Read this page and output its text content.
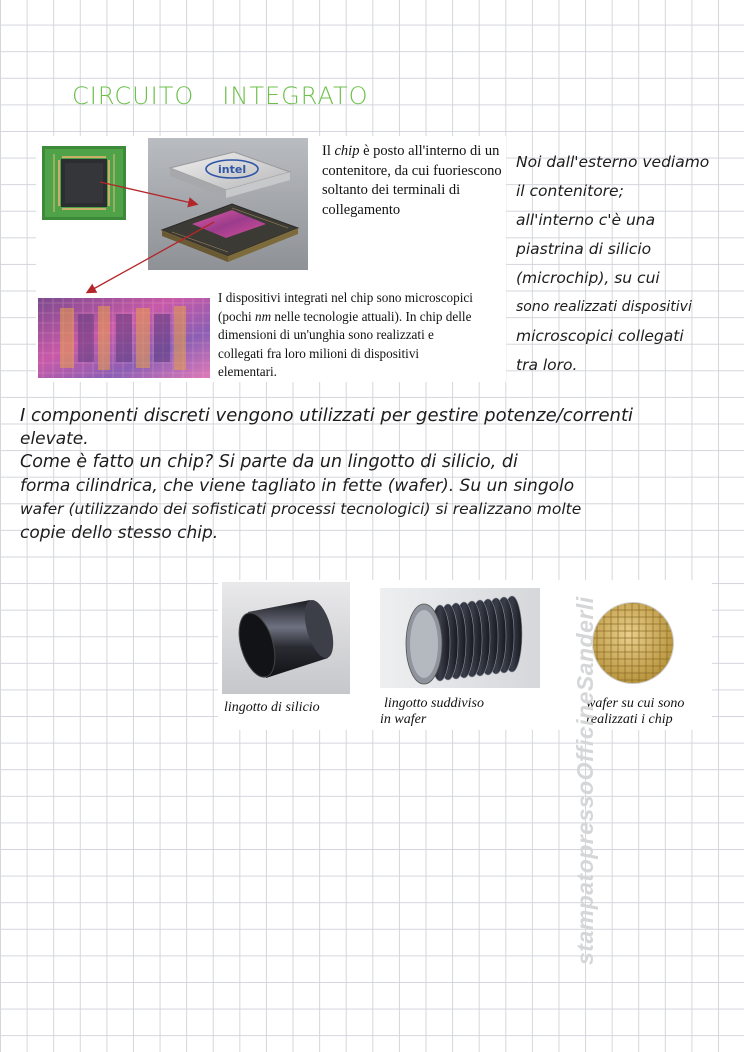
CIRCUITO INTEGRATO
intel
Il chip è posto all'interno di un contenitore, da cui fuoriescono soltanto dei terminali di collegamento
I dispositivi integrati nel chip sono microscopici (pochi nm nelle tecnologie attuali). In chip delle dimensioni di un'unghia sono realizzati e collegati fra loro milioni di dispositivi elementari.
Noi dall'esterno vediamo
il contenitore;
all'interno c'è una
piastrina di silicio
(microchip), su cui
sono realizzati dispositivi
microscopici collegati
tra loro.
I componenti discreti vengono utilizzati per gestire potenze/correnti
elevate.
Come è fatto un chip? Si parte da un lingotto di silicio, di
forma cilindrica, che viene tagliato in fette (wafer). Su un singolo
wafer (utilizzando dei sofisticati processi tecnologici) si realizzano molte
copie dello stesso chip.
lingotto di silicio	lingotto suddiviso
in wafer
wafer su cui sono
realizzati i chip
stampatopressoOfficineSanderli
